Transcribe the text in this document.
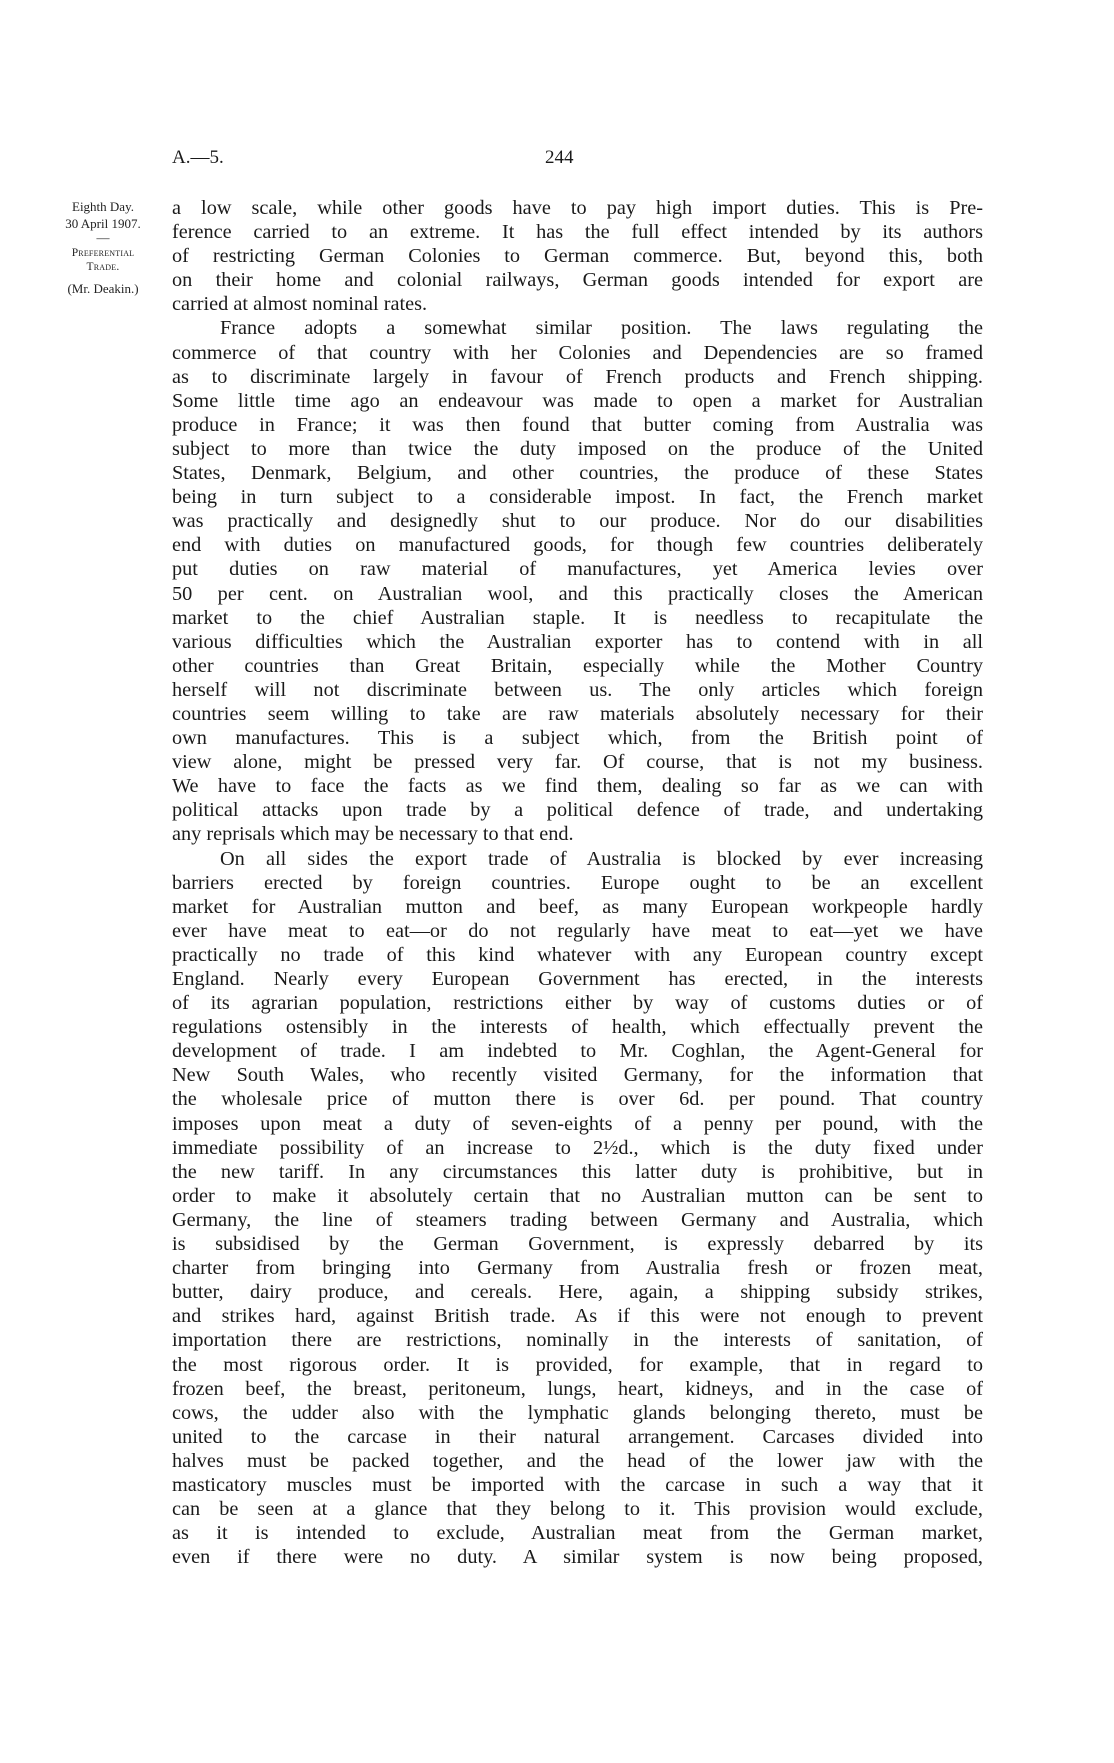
A.—5.	244
Eighth Day.
30 April 1907.
—
Preferential
Trade.
(Mr. Deakin.)
a low scale, while other goods have to pay high import duties. This is Pre-
ference carried to an extreme. It has the full effect intended by its authors
of restricting German Colonies to German commerce. But, beyond this, both
on their home and colonial railways, German goods intended for export are
carried at almost nominal rates.
France adopts a somewhat similar position. The laws regulating the
commerce of that country with her Colonies and Dependencies are so framed
as to discriminate largely in favour of French products and French shipping.
Some little time ago an endeavour was made to open a market for Australian
produce in France; it was then found that butter coming from Australia was
subject to more than twice the duty imposed on the produce of the United
States, Denmark, Belgium, and other countries, the produce of these States
being in turn subject to a considerable impost. In fact, the French market
was practically and designedly shut to our produce. Nor do our disabilities
end with duties on manufactured goods, for though few countries deliberately
put duties on raw material of manufactures, yet America levies over
50 per cent. on Australian wool, and this practically closes the American
market to the chief Australian staple. It is needless to recapitulate the
various difficulties which the Australian exporter has to contend with in all
other countries than Great Britain, especially while the Mother Country
herself will not discriminate between us. The only articles which foreign
countries seem willing to take are raw materials absolutely necessary for their
own manufactures. This is a subject which, from the British point of
view alone, might be pressed very far. Of course, that is not my business.
We have to face the facts as we find them, dealing so far as we can with
political attacks upon trade by a political defence of trade, and undertaking
any reprisals which may be necessary to that end.
On all sides the export trade of Australia is blocked by ever increasing
barriers erected by foreign countries. Europe ought to be an excellent
market for Australian mutton and beef, as many European workpeople hardly
ever have meat to eat—or do not regularly have meat to eat—yet we have
practically no trade of this kind whatever with any European country except
England. Nearly every European Government has erected, in the interests
of its agrarian population, restrictions either by way of customs duties or of
regulations ostensibly in the interests of health, which effectually prevent the
development of trade. I am indebted to Mr. Coghlan, the Agent-General for
New South Wales, who recently visited Germany, for the information that
the wholesale price of mutton there is over 6d. per pound. That country
imposes upon meat a duty of seven-eights of a penny per pound, with the
immediate possibility of an increase to 2½d., which is the duty fixed under
the new tariff. In any circumstances this latter duty is prohibitive, but in
order to make it absolutely certain that no Australian mutton can be sent to
Germany, the line of steamers trading between Germany and Australia, which
is subsidised by the German Government, is expressly debarred by its
charter from bringing into Germany from Australia fresh or frozen meat,
butter, dairy produce, and cereals. Here, again, a shipping subsidy strikes,
and strikes hard, against British trade. As if this were not enough to prevent
importation there are restrictions, nominally in the interests of sanitation, of
the most rigorous order. It is provided, for example, that in regard to
frozen beef, the breast, peritoneum, lungs, heart, kidneys, and in the case of
cows, the udder also with the lymphatic glands belonging thereto, must be
united to the carcase in their natural arrangement. Carcases divided into
halves must be packed together, and the head of the lower jaw with the
masticatory muscles must be imported with the carcase in such a way that it
can be seen at a glance that they belong to it. This provision would exclude,
as it is intended to exclude, Australian meat from the German market,
even if there were no duty. A similar system is now being proposed,
